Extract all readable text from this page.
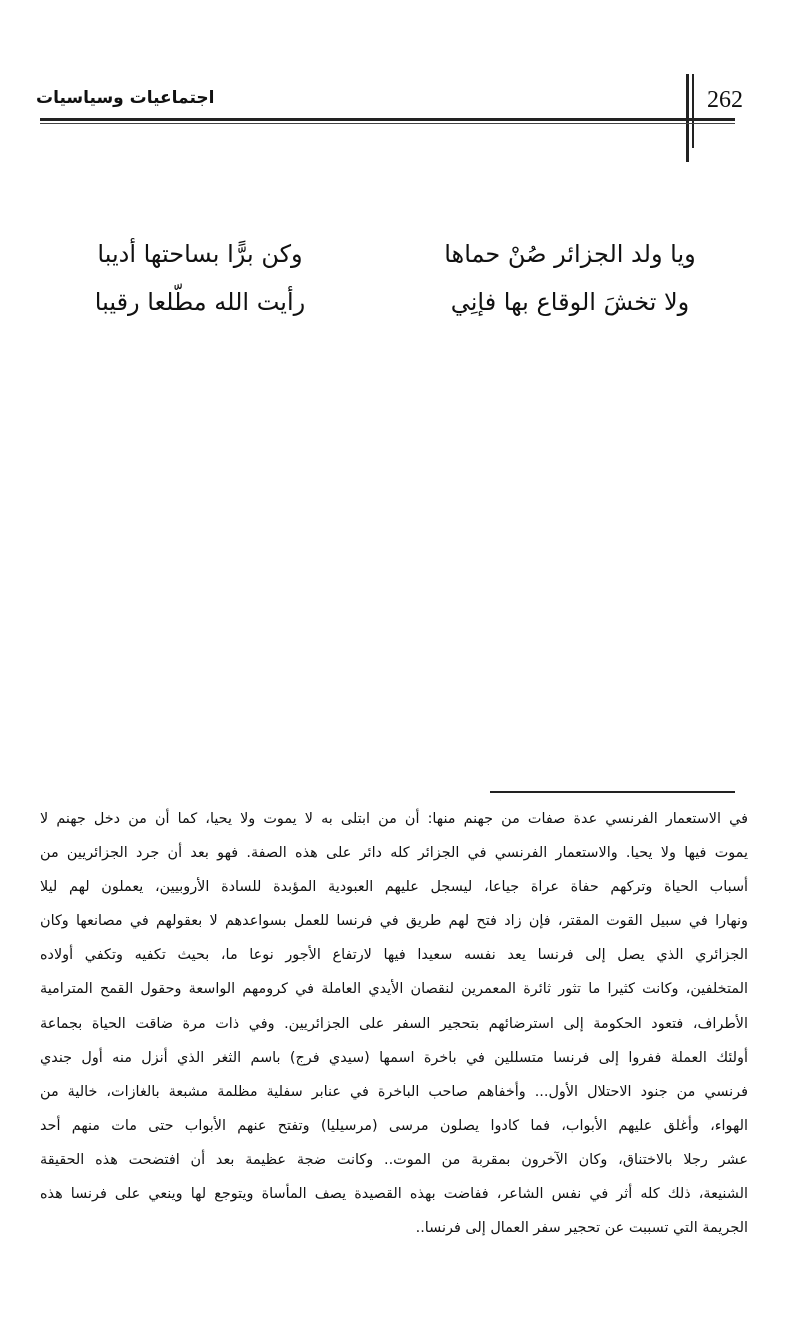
262
اجتماعيات وسياسيات
ويا ولد الجزائر صُنْ حماها
وكن برًّا بساحتها أديبا
ولا تخشَ الوقاع بها فإنِي
رأيت الله مطّلعا رقيبا
في الاستعمار الفرنسي عدة صفات من جهنم منها: أن من ابتلى به لا يموت ولا يحيا، كما أن من دخل جهنم لا
يموت فيها ولا يحيا. والاستعمار الفرنسي في الجزائر كله دائر على هذه الصفة. فهو بعد أن جرد الجزائريين من
أسباب الحياة وتركهم حفاة عراة جياعا، ليسجل عليهم العبودية المؤبدة للسادة الأروبيين، يعملون لهم ليلا
ونهارا في سبيل القوت المقتر، فإن زاد فتح لهم طريق في فرنسا للعمل بسواعدهم لا بعقولهم في مصانعها وكان
الجزائري الذي يصل إلى فرنسا يعد نفسه سعيدا فيها لارتفاع الأجور نوعا ما، بحيث تكفيه وتكفي أولاده
المتخلفين، وكانت كثيرا ما تثور ثائرة المعمرين لنقصان الأيدي العاملة في كرومهم الواسعة وحقول القمح المترامية
الأطراف، فتعود الحكومة إلى استرضائهم بتحجير السفر على الجزائريين. وفي ذات مرة ضاقت الحياة بجماعة
أولئك العملة ففروا إلى فرنسا متسللين في باخرة اسمها (سيدي فرج) باسم الثغر الذي أنزل منه أول جندي
فرنسي من جنود الاحتلال الأول... وأخفاهم صاحب الباخرة في عنابر سفلية مظلمة مشبعة بالغازات، خالية من
الهواء، وأغلق عليهم الأبواب، فما كادوا يصلون مرسى (مرسيليا) وتفتح عنهم الأبواب حتى مات منهم أحد
عشر رجلا بالاختناق، وكان الآخرون بمقربة من الموت.. وكانت ضجة عظيمة بعد أن افتضحت هذه الحقيقة
الشنيعة، ذلك كله أثر في نفس الشاعر، ففاضت بهذه القصيدة يصف المأساة ويتوجع لها وينعي على فرنسا هذه
الجريمة التي تسببت عن تحجير سفر العمال إلى فرنسا..
